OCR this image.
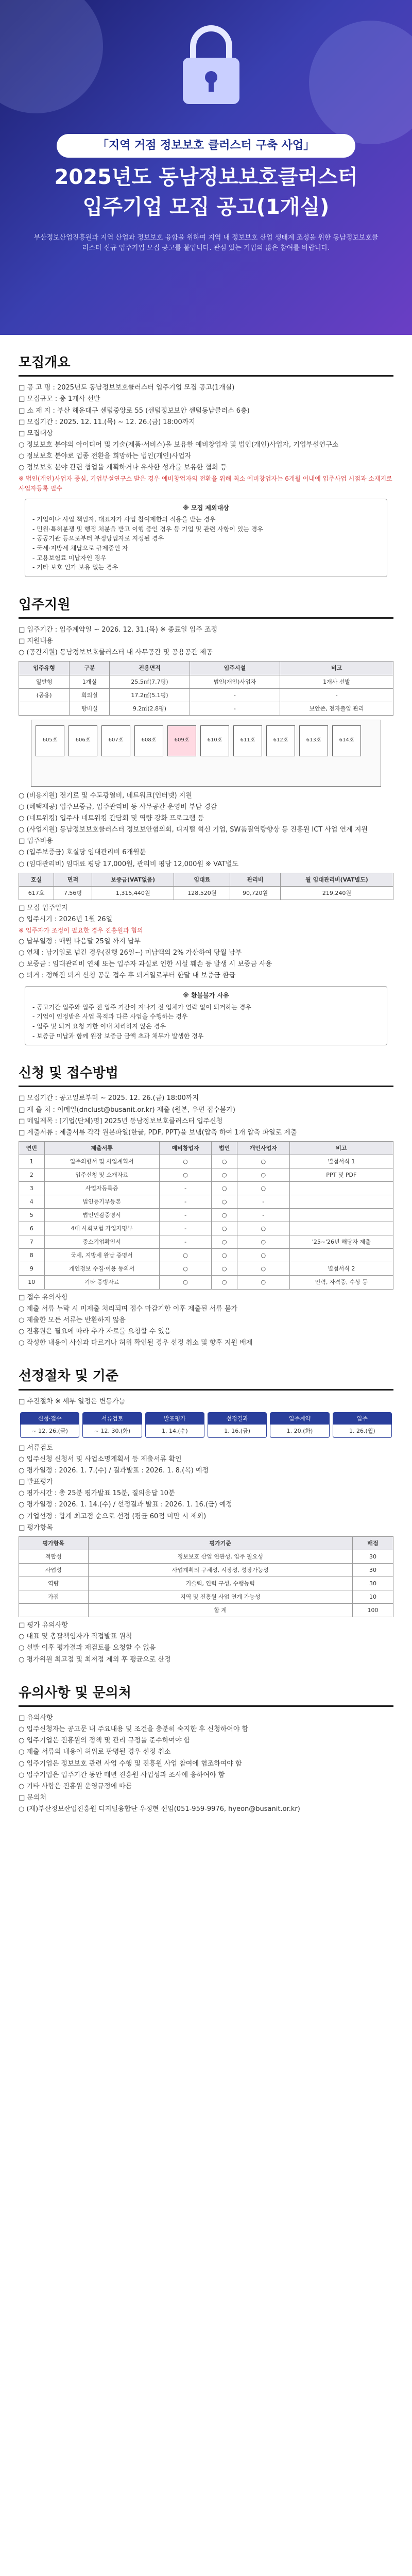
「지역 거점 정보보호 클러스터 구축 사업」
2025년도 동남정보보호클러스터
입주기업 모집 공고(1개실)
부산정보산업진흥원과 지역 산업과 정보보호 융합을 위하여 지역 내 정보보호 산업 생태계 조성을 위한 동남정보보호클러스터 신규 입주기업 모집 공고를 붙입니다. 관심 있는 기업의 많은 참여를 바랍니다.
모집개요
□ 공 고 명 : 2025년도 동남정보보호클러스터 입주기업 모집 공고(1개실)
□ 모집규모 : 총 1개사 선발
□ 소 재 지 : 부산 해운대구 센텀중앙로 55 (센텀정보보안 센텀동남클러스 6층)
□ 모집기간 : 2025. 12. 11.(목) ~ 12. 26.(금) 18:00까지
□ 모집대상
○ 정보보호 분야의 아이디어 및 기술(제품·서비스)을 보유한 예비창업자 및 법인(개인)사업자, 기업부설연구소
○ 정보보호 분야로 업종 전환을 희망하는 법인(개인)사업자
○ 정보보호 분야 관련 협업을 계획하거나 유사한 성과를 보유한 협회 등
※ 법인(개인)사업자 중심, 기업부설연구소 발은 경우 예비창업자의 전환을 위해 최소 예비창업자는 6개월 이내에 입주사업 시점과 소재지로 사업자등록 필수
※ 모집 제외대상
- 기업이나 사업 책임자, 대표자가 사업 참여제한의 적용을 받는 경우
- 민원·특허분쟁 및 행정 처분을 받고 이행 중인 경우 등 기업 및 관련 사항이 있는 경우
- 공공기관 등으로부터 부정당업자로 지정된 경우
- 국세·지방세 체납으로 규제중인 자
- 고용보험료 미납자인 경우
- 기타 보호 인가 보유 없는 경우
입주지원
□ 입주기간 : 입주계약일 ~ 2026. 12. 31.(목) ※ 종료일 입주 조정
□ 지원내용
○ (공간지원) 동남정보보호클러스터 내 사무공간 및 공용공간 제공
입주유형	구분	전용면적	입주시설	비고
일반형	1개실	25.5㎡(7.7평)	법인(개인)사업자	1개사 선발
(공용)	회의실	17.2㎡(5.1평)	-	-
	탕비실	9.2㎡(2.8평)	-	보안존, 전자출입 관리
605호	606호	607호	608호	609호	610호	611호	612호	613호	614호
○ (비용지원) 전기료 및 수도광열비, 네트워크(인터넷) 지원
○ (혜택제공) 입주보증금, 입주관리비 등 사무공간 운영비 부담 경감
○ (네트워킹) 입주사 네트워킹 간담회 및 역량 강화 프로그램 등
○ (사업지원) 동남정보보호클러스터 정보보안협의회, 디지털 혁신 기업, SW품질역량향상 등 진흥원 ICT 사업 연계 지원
□ 입주비용
○ (입주보증금) 호실당 임대관리비 6개월분
○ (임대관리비) 임대료 평당 17,000원, 관리비 평당 12,000원 ※ VAT별도
호실	면적	보증금(VAT없음)	임대료	관리비	월 임대관리비(VAT별도)
617호	7.56평	1,315,440원	128,520원	90,720원	219,240원
□ 모집 입주일자
○ 입주시기 : 2026년 1월 26일
※ 입주자가 조정이 필요한 경우 진흥원과 협의
○ 납부일정 : 매월 다음달 25일 까지 납부
○ 연체 : 납기일로 넘긴 경우(진행 26일~) 미납액의 2% 가산하여 당월 납부
○ 보증금 : 임대관리비 연체 또는 입주자 과실로 인한 시설 훼손 등 발생 시 보증금 사용
○ 퇴거 : 정해진 퇴거 신청 공문 접수 후 퇴거일로부터 한달 내 보증금 환급
※ 환불불가 사유
- 공고기간 입주와 입주 전 입주 기간이 지나기 전 업체가 연락 없이 퇴거하는 경우
- 기업이 인정받은 사업 목적과 다른 사업을 수행하는 경우
- 입주 및 퇴거 요청 기한 이내 처리하지 않은 경우
- 보증금 미납과 함께 원장 보증금 금액 초과 채무가 발생한 경우
신청 및 접수방법
□ 모집기간 : 공고일로부터 ~ 2025. 12. 26.(금) 18:00까지
□ 제 출 처 : 이메일(dnclust@busanit.or.kr) 제출 (원본, 우편 접수불가)
□ 메일제목 : [기업(단체)명] 2025년 동남정보보호클러스터 입주신청
□ 제출서류 : 제출서류 각각 원본파일(한글, PDF, PPT)을 보냄(압축 하여 1개 압축 파일로 제출
연번	제출서류	예비창업자	법인	개인사업자	비고
1	입주의향서 및 사업계획서	○	○	○	별첨서식 1
2	입주신청 및 소개자료	○	○	○	PPT 및 PDF
3	사업자등록증	-	○	○	
4	법인등기부등본	-	○	-	
5	법인인감증명서	-	○	-	
6	4대 사회보험 가입자명부	-	○	○	
7	중소기업확인서	-	○	○	'25~'26년 해당자 제출
8	국세, 지방세 완납 증명서	○	○	○	
9	개인정보 수집·이용 동의서	○	○	○	별첨서식 2
10	기타 증빙자료	○	○	○	인력, 자격증, 수상 등
□ 접수 유의사항
○ 제출 서류 누락 시 미제출 처리되며 접수 마감기한 이후 제출된 서류 불가
○ 제출한 모든 서류는 반환하지 않음
○ 진흥원은 필요에 따라 추가 자료를 요청할 수 있음
○ 작성한 내용이 사실과 다르거나 허위 확인될 경우 선정 취소 및 향후 지원 배제
선정절차 및 기준
□ 추진절차 ※ 세부 일정은 변동가능
신청·접수
~ 12. 26.(금)
서류검토
~ 12. 30.(화)
발표평가
1. 14.(수)
선정결과
1. 16.(금)
입주계약
1. 20.(화)
입주
1. 26.(월)
□ 서류검토
○ 입주신청 신청서 및 사업소명계획서 등 제출서류 확인
○ 평가일정 : 2026. 1. 7.(수) / 결과발표 : 2026. 1. 8.(목) 예정
□ 발표평가
○ 평가시간 : 총 25분 평가발표 15분, 질의응답 10분
○ 평가일정 : 2026. 1. 14.(수) / 선정결과 발표 : 2026. 1. 16.(금) 예정
○ 기업선정 : 합계 최고점 순으로 선정 (평균 60점 미만 시 제외)
□ 평가항목
평가항목	평가기준	배점
적합성	정보보호 산업 연관성, 입주 필요성	30
사업성	사업계획의 구체성, 시장성, 성장가능성	30
역량	기술력, 인력 구성, 수행능력	30
가점	지역 및 진흥원 사업 연계 가능성	10
	합 계	100
□ 평가 유의사항
○ 대표 및 총괄책임자가 직접발표 원칙
○ 선발 이후 평가결과 재검토를 요청할 수 없음
○ 평가위원 최고점 및 최저점 제외 후 평균으로 산정
유의사항 및 문의처
□ 유의사항
○ 입주신청자는 공고문 내 주요내용 및 조건을 충분히 숙지한 후 신청하여야 함
○ 입주기업은 진흥원의 정책 및 관리 규정을 준수하여야 함
○ 제출 서류의 내용이 허위로 판명될 경우 선정 취소
○ 입주기업은 정보보호 관련 사업 수행 및 진흥원 사업 참여에 협조하여야 함
○ 입주기업은 입주기간 동안 매년 진흥원 사업성과 조사에 응하여야 함
○ 기타 사항은 진흥원 운영규정에 따름
□ 문의처
○ (재)부산정보산업진흥원 디지털융합단 우정현 선임(051-959-9976, hyeon@busanit.or.kr)
